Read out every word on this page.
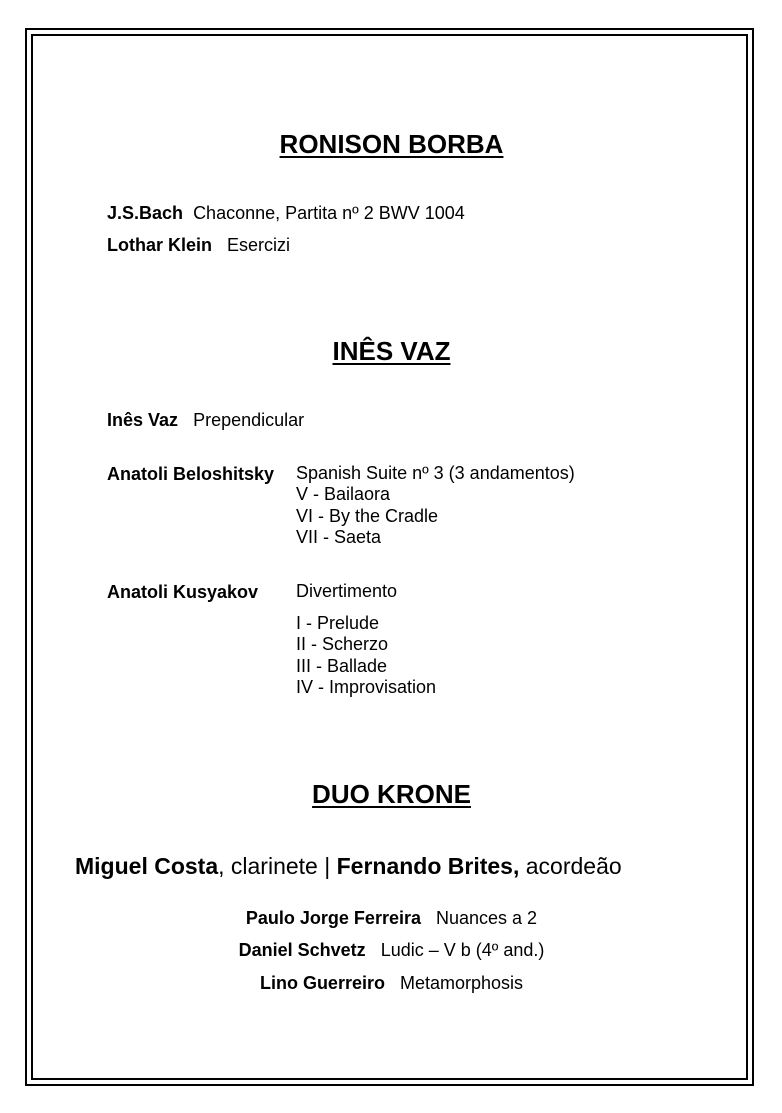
RONISON BORBA
J.S.Bach Chaconne, Partita nº 2 BWV 1004
Lothar Klein Esercizi
INÊS VAZ
Inês Vaz Prependicular
Anatoli Beloshitsky Spanish Suite nº 3 (3 andamentos)
V - Bailaora
VI - By the Cradle
VII - Saeta
Anatoli Kusyakov Divertimento
I - Prelude
II - Scherzo
III - Ballade
IV - Improvisation
DUO KRONE
Miguel Costa, clarinete | Fernando Brites, acordeão
Paulo Jorge Ferreira Nuances a 2
Daniel Schvetz Ludic – V b (4º and.)
Lino Guerreiro Metamorphosis
